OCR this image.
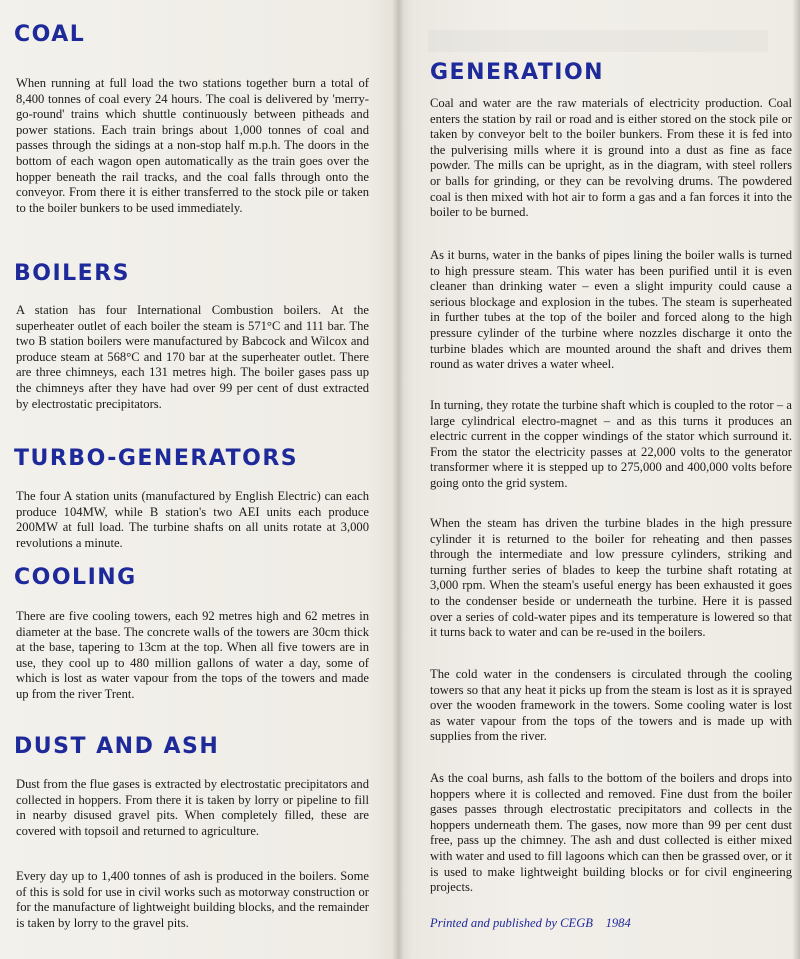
COAL

When running at full load the two stations together burn a total of 8,400 tonnes of coal every 24 hours. The coal is delivered by 'merry-go-round' trains which shuttle continuously between pitheads and power stations. Each train brings about 1,000 tonnes of coal and passes through the sidings at a non-stop half m.p.h. The doors in the bottom of each wagon open automatically as the train goes over the hopper beneath the rail tracks, and the coal falls through onto the conveyor. From there it is either transferred to the stock pile or taken to the boiler bunkers to be used immediately.

BOILERS

A station has four International Combustion boilers. At the superheater outlet of each boiler the steam is 571°C and 111 bar. The two B station boilers were manufactured by Babcock and Wilcox and produce steam at 568°C and 170 bar at the superheater outlet. There are three chimneys, each 131 metres high. The boiler gases pass up the chimneys after they have had over 99 per cent of dust extracted by electrostatic precipitators.

TURBO-GENERATORS

The four A station units (manufactured by English Electric) can each produce 104MW, while B station's two AEI units each produce 200MW at full load. The turbine shafts on all units rotate at 3,000 revolutions a minute.

COOLING

There are five cooling towers, each 92 metres high and 62 metres in diameter at the base. The concrete walls of the towers are 30cm thick at the base, tapering to 13cm at the top. When all five towers are in use, they cool up to 480 million gallons of water a day, some of which is lost as water vapour from the tops of the towers and made up from the river Trent.

DUST AND ASH

Dust from the flue gases is extracted by electrostatic precipitators and collected in hoppers. From there it is taken by lorry or pipeline to fill in nearby disused gravel pits. When completely filled, these are covered with topsoil and returned to agriculture.

Every day up to 1,400 tonnes of ash is produced in the boilers. Some of this is sold for use in civil works such as motorway construction or for the manufacture of lightweight building blocks, and the remainder is taken by lorry to the gravel pits.

GENERATION

Coal and water are the raw materials of electricity production. Coal enters the station by rail or road and is either stored on the stock pile or taken by conveyor belt to the boiler bunkers. From these it is fed into the pulverising mills where it is ground into a dust as fine as face powder. The mills can be upright, as in the diagram, with steel rollers or balls for grinding, or they can be revolving drums. The powdered coal is then mixed with hot air to form a gas and a fan forces it into the boiler to be burned.

As it burns, water in the banks of pipes lining the boiler walls is turned to high pressure steam. This water has been purified until it is even cleaner than drinking water – even a slight impurity could cause a serious blockage and explosion in the tubes. The steam is superheated in further tubes at the top of the boiler and forced along to the high pressure cylinder of the turbine where nozzles discharge it onto the turbine blades which are mounted around the shaft and drives them round as water drives a water wheel.

In turning, they rotate the turbine shaft which is coupled to the rotor – a large cylindrical electro-magnet – and as this turns it produces an electric current in the copper windings of the stator which surround it. From the stator the electricity passes at 22,000 volts to the generator transformer where it is stepped up to 275,000 and 400,000 volts before going onto the grid system.

When the steam has driven the turbine blades in the high pressure cylinder it is returned to the boiler for reheating and then passes through the intermediate and low pressure cylinders, striking and turning further series of blades to keep the turbine shaft rotating at 3,000 rpm. When the steam's useful energy has been exhausted it goes to the condenser beside or underneath the turbine. Here it is passed over a series of cold-water pipes and its temperature is lowered so that it turns back to water and can be re-used in the boilers.

The cold water in the condensers is circulated through the cooling towers so that any heat it picks up from the steam is lost as it is sprayed over the wooden framework in the towers. Some cooling water is lost as water vapour from the tops of the towers and is made up with supplies from the river.

As the coal burns, ash falls to the bottom of the boilers and drops into hoppers where it is collected and removed. Fine dust from the boiler gases passes through electrostatic precipitators and collects in the hoppers underneath them. The gases, now more than 99 per cent dust free, pass up the chimney. The ash and dust collected is either mixed with water and used to fill lagoons which can then be grassed over, or it is used to make lightweight building blocks or for civil engineering projects.

Printed and published by CEGB    1984
